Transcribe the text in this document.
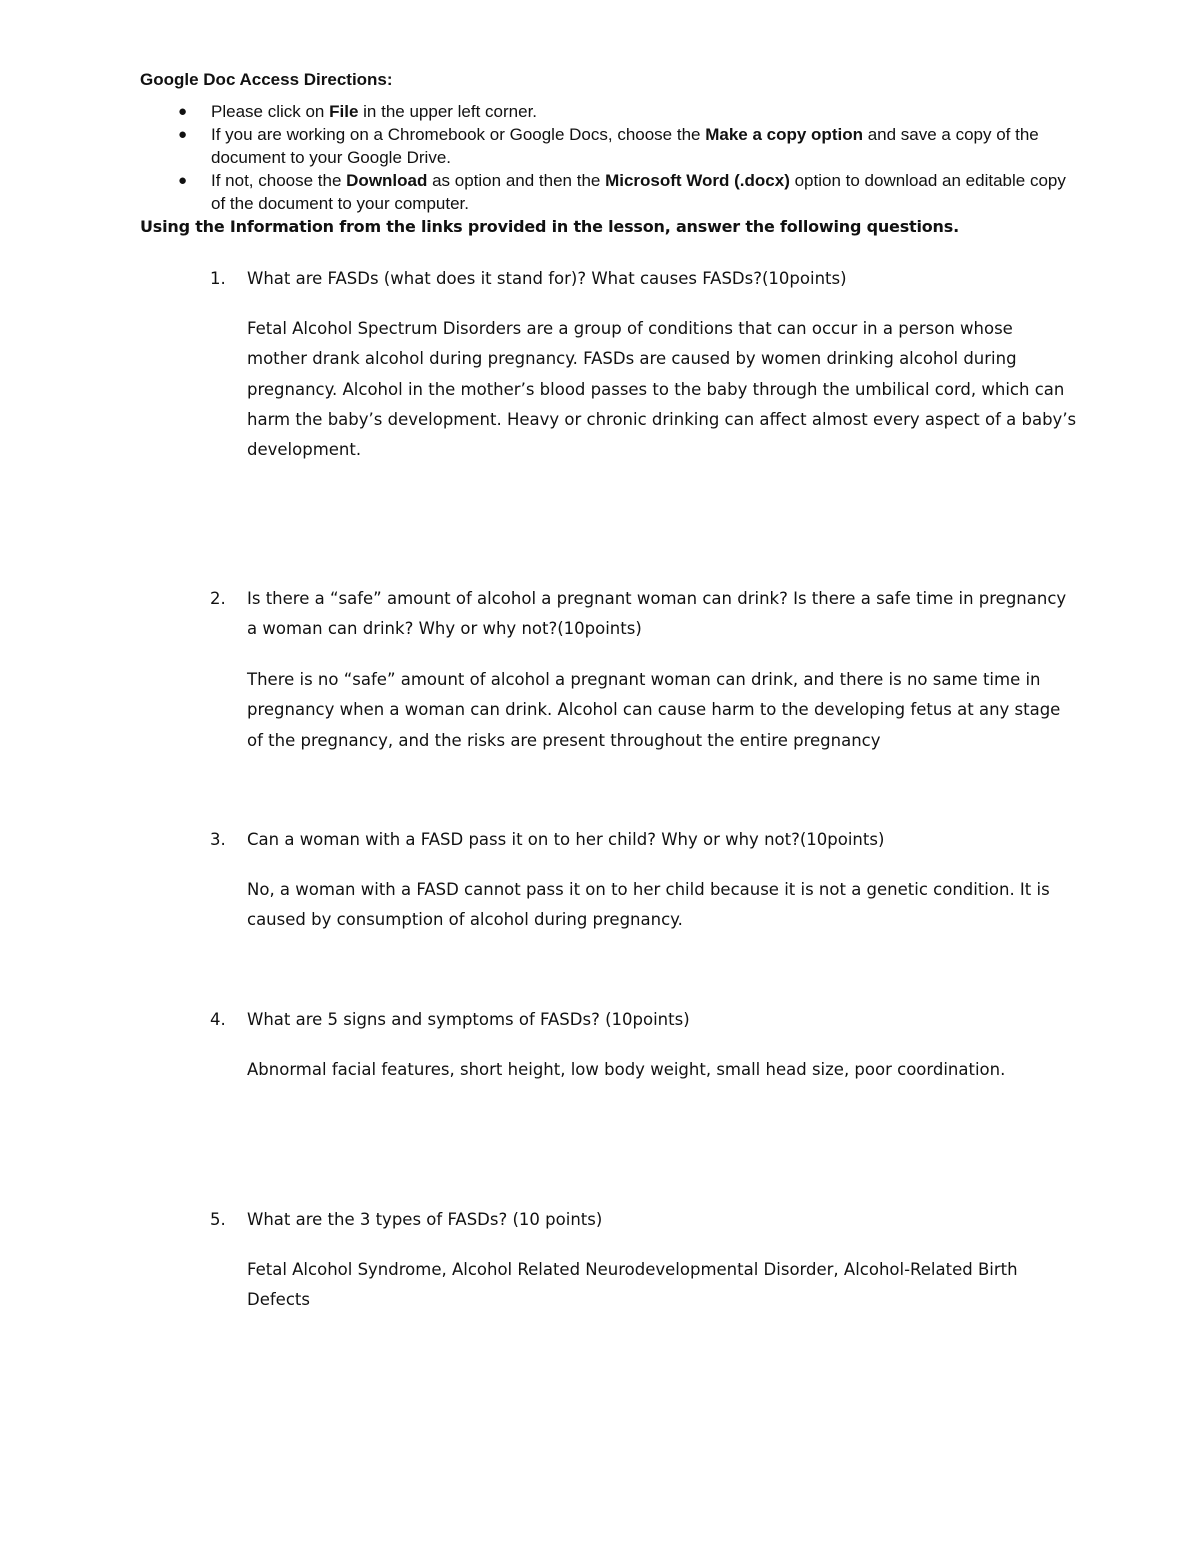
Google Doc Access Directions:
● Please click on File in the upper left corner.
● If you are working on a Chromebook or Google Docs, choose the Make a copy option and save a copy of the document to your Google Drive.
● If not, choose the Download as option and then the Microsoft Word (.docx) option to download an editable copy of the document to your computer.
Using the Information from the links provided in the lesson, answer the following questions.
1. What are FASDs (what does it stand for)? What causes FASDs?(10points)
Fetal Alcohol Spectrum Disorders are a group of conditions that can occur in a person whose mother drank alcohol during pregnancy. FASDs are caused by women drinking alcohol during pregnancy. Alcohol in the mother’s blood passes to the baby through the umbilical cord, which can harm the baby’s development. Heavy or chronic drinking can affect almost every aspect of a baby’s development.
2. Is there a “safe” amount of alcohol a pregnant woman can drink? Is there a safe time in pregnancy a woman can drink? Why or why not?(10points)
There is no “safe” amount of alcohol a pregnant woman can drink, and there is no same time in pregnancy when a woman can drink. Alcohol can cause harm to the developing fetus at any stage of the pregnancy, and the risks are present throughout the entire pregnancy
3. Can a woman with a FASD pass it on to her child? Why or why not?(10points)
No, a woman with a FASD cannot pass it on to her child because it is not a genetic condition. It is caused by consumption of alcohol during pregnancy.
4. What are 5 signs and symptoms of FASDs? (10points)
Abnormal facial features, short height, low body weight, small head size, poor coordination.
5. What are the 3 types of FASDs? (10 points)
Fetal Alcohol Syndrome, Alcohol Related Neurodevelopmental Disorder, Alcohol-Related Birth Defects
